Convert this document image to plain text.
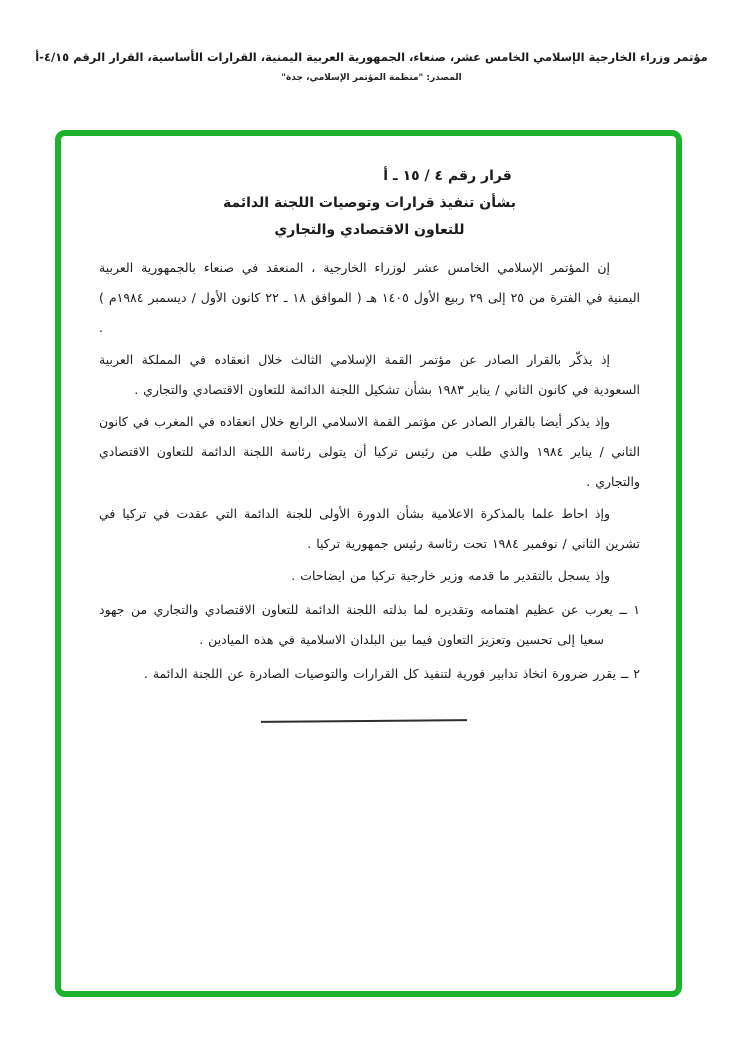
مؤتمر وزراء الخارجية الإسلامي الخامس عشر، صنعاء، الجمهورية العربية اليمنية، القرارات الأساسية، القرار الرقم ٤/١٥-أ
المصدر: "منظمة المؤتمر الإسلامي، جدة"
قرار رقم ٤ / ١٥ ـ أ
بشأن تنفيذ قرارات وتوصيات اللجنة الدائمة
للتعاون الاقتصادي والتجاري

إن المؤتمر الإسلامي الخامس عشر لوزراء الخارجية ، المنعقد في صنعاء بالجمهورية العربية اليمنية في الفترة من ٢٥ إلى ٢٩ ربيع الأول ١٤٠٥ هـ ( الموافق ١٨ ـ ٢٢ كانون الأول / ديسمبر ١٩٨٤م ) .

إذ يذكّر بالقرار الصادر عن مؤتمر القمة الإسلامي الثالث خلال انعقاده في المملكة العربية السعودية في كانون الثاني / يناير ١٩٨٣ بشأن تشكيل اللجنة الدائمة للتعاون الاقتصادي والتجاري .

وإذ يذكر أيضا بالقرار الصادر عن مؤتمر القمة الاسلامي الرابع خلال انعقاده في المغرب في كانون الثاني / يناير ١٩٨٤ والذي طلب من رئيس تركيا أن يتولى رئاسة اللجنة الدائمة للتعاون الاقتصادي والتجاري .

وإذ احاط علما بالمذكرة الاعلامية بشأن الدورة الأولى للجنة الدائمة التي عقدت في تركيا في تشرين الثاني / نوفمبر ١٩٨٤ تحت رئاسة رئيس جمهورية تركيا .

وإذ يسجل بالتقدير ما قدمه وزير خارجية تركيا من ايضاحات .

١ ــ يعرب عن عظيم اهتمامه وتقديره لما بذلته اللجنة الدائمة للتعاون الاقتصادي والتجاري من جهود سعيا إلى تحسين وتعزيز التعاون فيما بين البلدان الاسلامية في هذه الميادين .

٢ ــ يقرر ضرورة اتخاذ تدابير فورية لتنفيذ كل القرارات والتوصيات الصادرة عن اللجنة الدائمة .
